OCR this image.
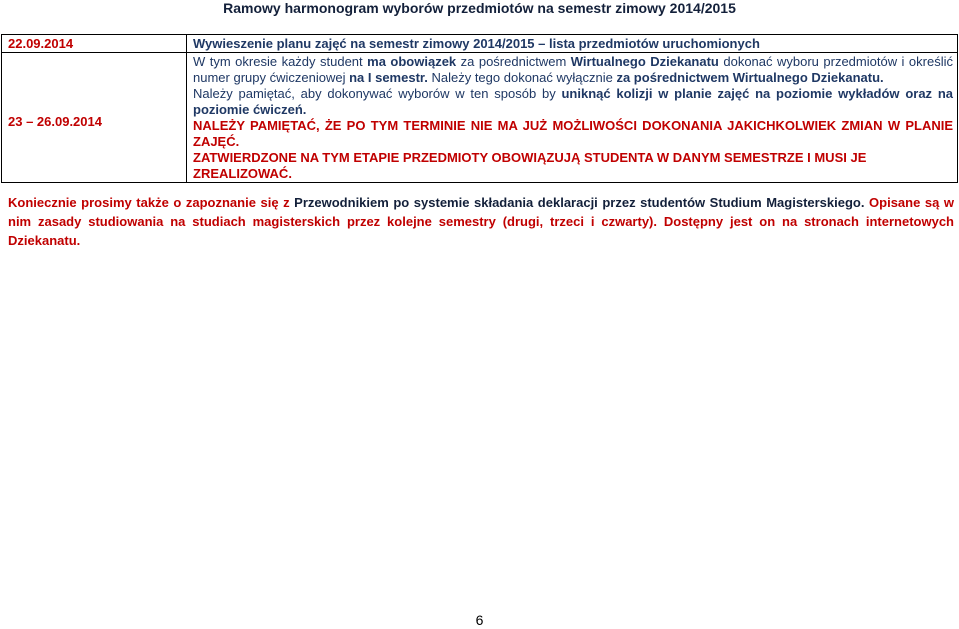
Ramowy harmonogram wyborów przedmiotów na semestr zimowy 2014/2015
22.09.2014	Wywieszenie planu zajęć na semestr zimowy 2014/2015 – lista przedmiotów uruchomionych
23 – 26.09.2014	W tym okresie każdy student ma obowiązek za pośrednictwem Wirtualnego Dziekanatu dokonać wyboru przedmiotów i określić numer grupy ćwiczeniowej na I semestr. Należy tego dokonać wyłącznie za pośrednictwem Wirtualnego Dziekanatu.

Należy pamiętać, aby dokonywać wyborów w ten sposób by uniknąć kolizji w planie zajęć na poziomie wykładów oraz na poziomie ćwiczeń.

NALEŻY PAMIĘTAĆ, ŻE PO TYM TERMINIE NIE MA JUŻ MOŻLIWOŚCI DOKONANIA JAKICHKOLWIEK ZMIAN W PLANIE ZAJĘĆ.

ZATWIERDZONE NA TYM ETAPIE PRZEDMIOTY OBOWIĄZUJĄ STUDENTA W DANYM SEMESTRZE I MUSI JE ZREALIZOWAĆ.

Koniecznie prosimy także o zapoznanie się z Przewodnikiem po systemie składania deklaracji przez studentów Studium Magisterskiego. Opisane są w nim zasady studiowania na studiach magisterskich przez kolejne semestry (drugi, trzeci i czwarty). Dostępny jest on na stronach internetowych Dziekanatu.
6
